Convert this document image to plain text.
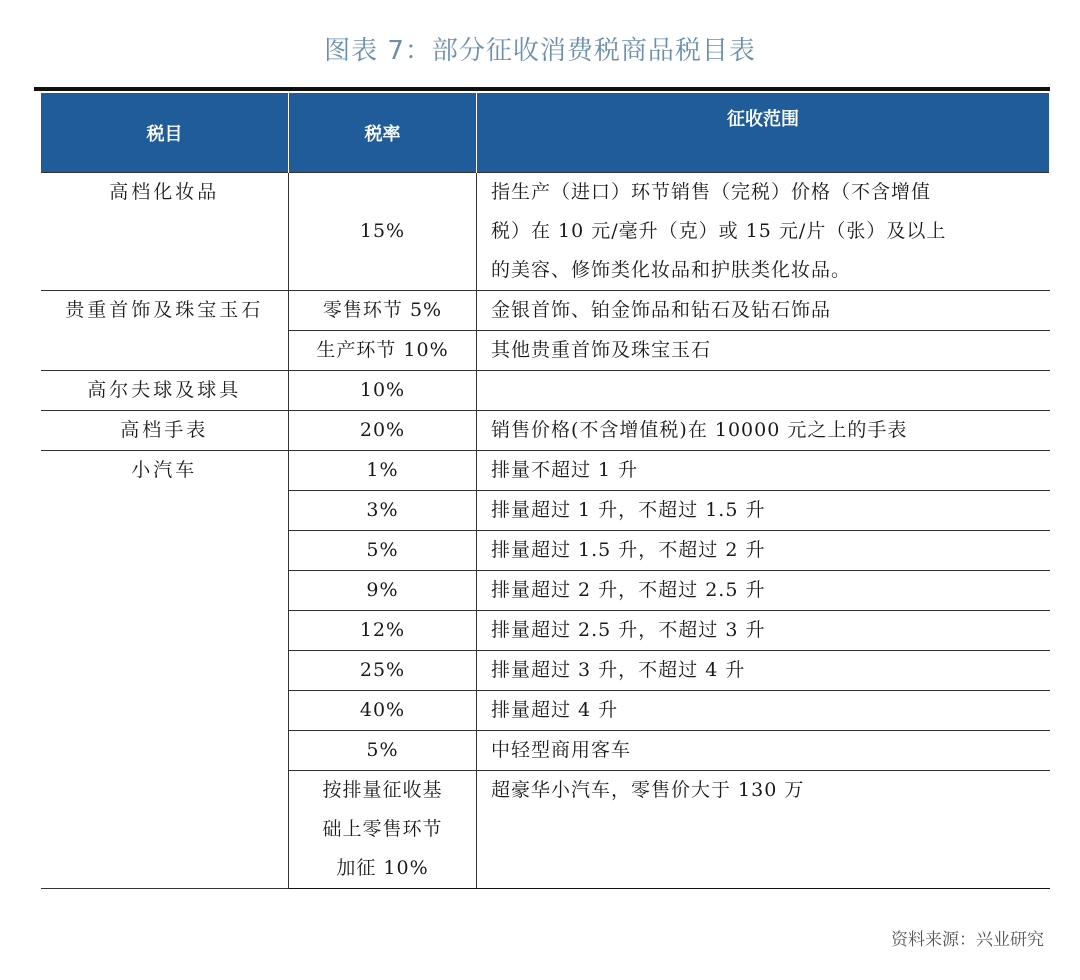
图表 7：部分征收消费税商品税目表
税目	税率	征收范围
高档化妆品	15%	指生产（进口）环节销售（完税）价格（不含增值
税）在 10 元/毫升（克）或 15 元/片（张）及以上
的美容、修饰类化妆品和护肤类化妆品。

贵重首饰及珠宝玉石	零售环节 5%	金银首饰、铂金饰品和钻石及钻石饰品
	生产环节 10%	其他贵重首饰及珠宝玉石
高尔夫球及球具	10%	
高档手表	20%	销售价格(不含增值税)在 10000 元之上的手表
小汽车	1%	排量不超过 1 升
	3%	排量超过 1 升，不超过 1.5 升
	5%	排量超过 1.5 升，不超过 2 升
	9%	排量超过 2 升，不超过 2.5 升
	12%	排量超过 2.5 升，不超过 3 升
	25%	排量超过 3 升，不超过 4 升
	40%	排量超过 4 升
	5%	中轻型商用客车

	按排量征收基
础上零售环节
加征 10%	超豪华小汽车，零售价大于 130 万
资料来源：兴业研究
